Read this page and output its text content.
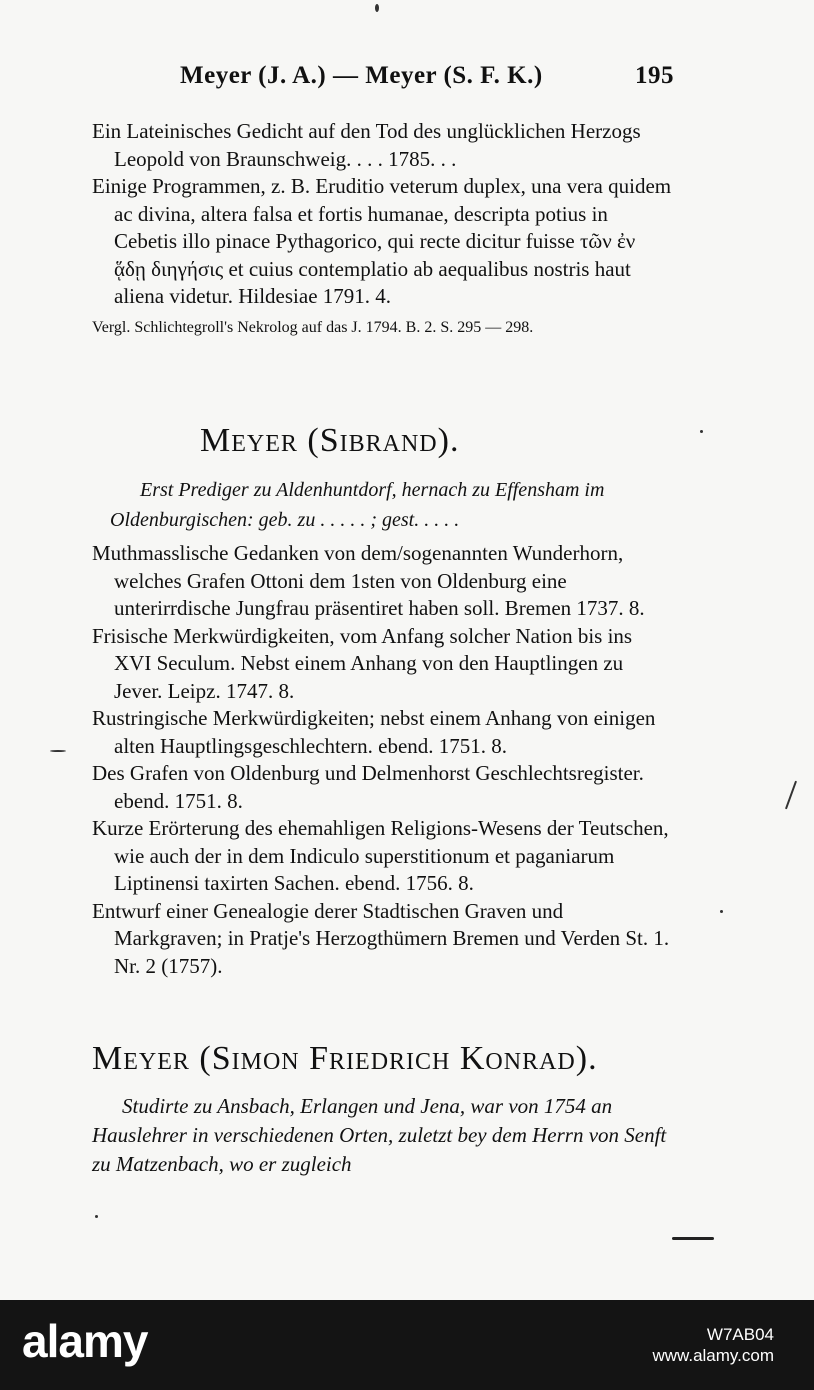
Meyer (J. A.) — Meyer (S. F. K.)	195

Ein Lateinisches Gedicht auf den Tod des unglücklichen Herzogs Leopold von Braunschweig. . . . 1785. . .

Einige Programmen, z. B. Eruditio veterum duplex, una vera quidem ac divina, altera falsa et fortis humanae, descripta potius in Cebetis illo pinace Pythagorico, qui recte dicitur fuisse τῶν ἐν ᾅδῃ διηγήσις et cuius contemplatio ab aequalibus nostris haut aliena videtur. Hildesiae 1791. 4.

Vergl. Schlichtegroll's Nekrolog auf das J. 1794. B. 2. S. 295 — 298.

Meyer (Sibrand).
Erst Prediger zu Aldenhuntdorf, hernach zu Effensham im Oldenburgischen: geb. zu . . . . . ; gest. . . . .

Muthmasslische Gedanken von dem/sogenannten Wunderhorn, welches Grafen Ottoni dem 1sten von Oldenburg eine unterirrdische Jungfrau präsentiret haben soll. Bremen 1737. 8.

Frisische Merkwürdigkeiten, vom Anfang solcher Nation bis ins XVI Seculum. Nebst einem Anhang von den Hauptlingen zu Jever. Leipz. 1747. 8.

Rustringische Merkwürdigkeiten; nebst einem Anhang von einigen alten Hauptlingsgeschlechtern. ebend. 1751. 8.

Des Grafen von Oldenburg und Delmenhorst Geschlechtsregister. ebend. 1751. 8.

Kurze Erörterung des ehemahligen Religions-Wesens der Teutschen, wie auch der in dem Indiculo superstitionum et paganiarum Liptinensi taxirten Sachen. ebend. 1756. 8.

Entwurf einer Genealogie derer Stadtischen Graven und Markgraven; in Pratje's Herzogthümern Bremen und Verden St. 1. Nr. 2 (1757).

Meyer (Simon Friedrich Konrad).
Studirte zu Ansbach, Erlangen und Jena, war von 1754 an Hauslehrer in verschiedenen Orten, zuletzt bey dem Herrn von Senft zu Matzenbach, wo er zugleich
alamy	W7AB04
www.alamy.com
